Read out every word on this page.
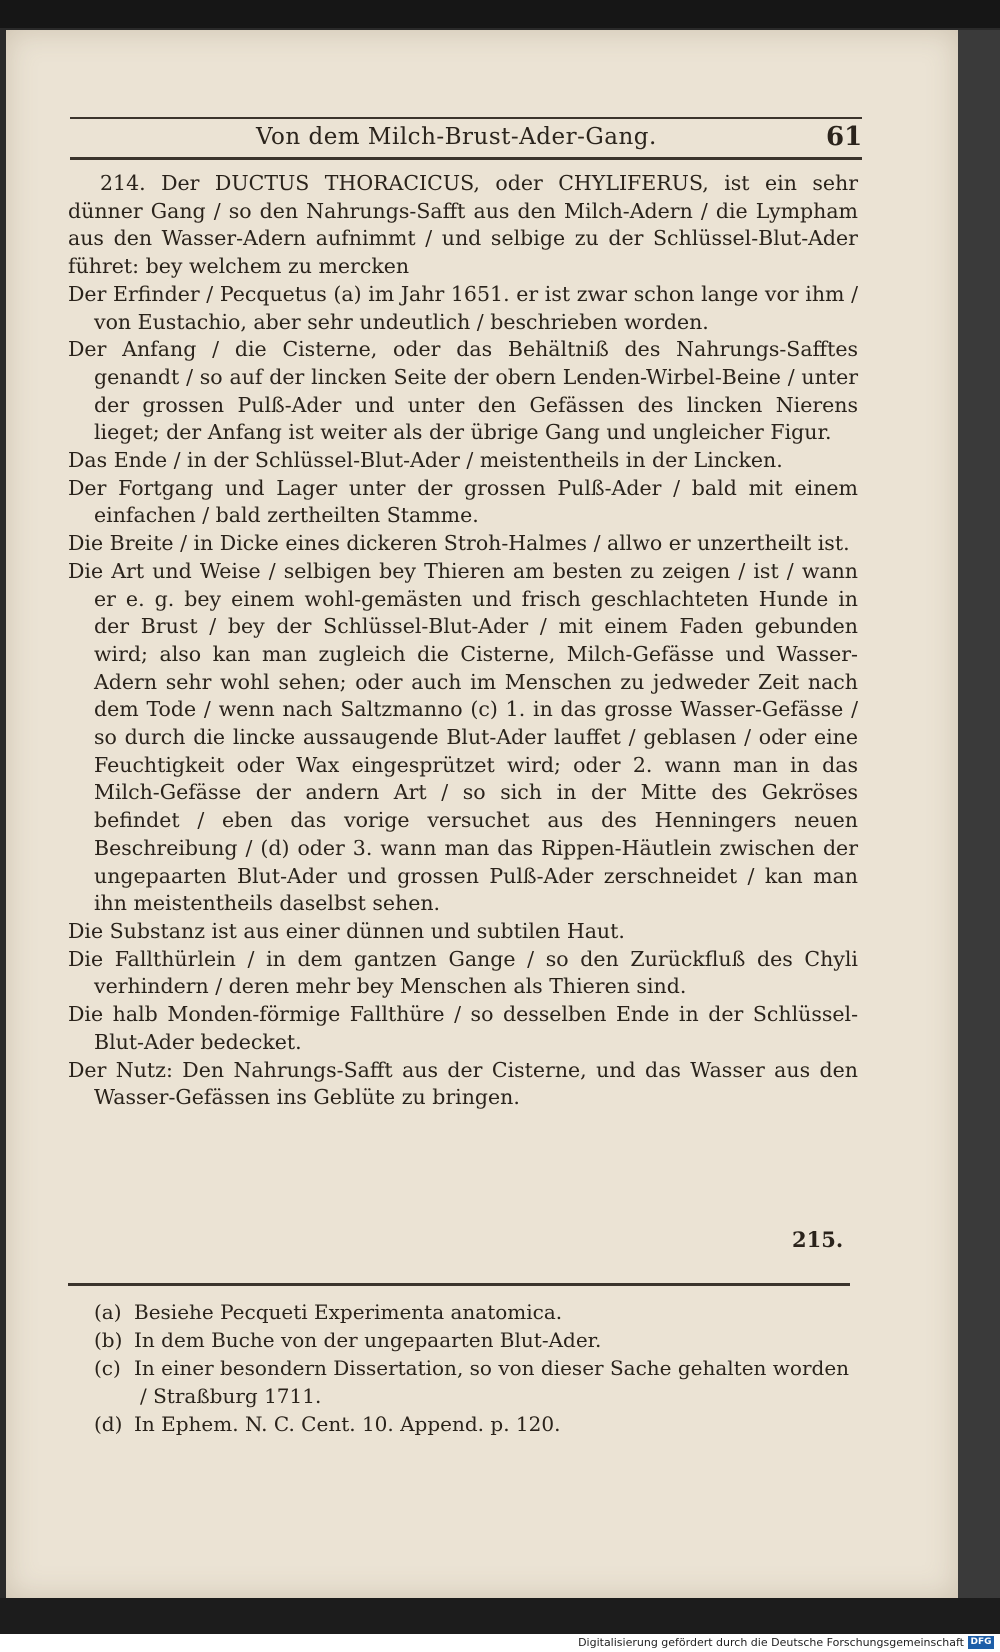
Von dem Milch-Brust-Ader-Gang.	61

214. Der DUCTUS THORACICUS, oder CHYLIFERUS, ist ein sehr dünner Gang / so den Nahrungs-Safft aus den Milch-Adern / die Lympham aus den Wasser-Adern aufnimmt / und selbige zu der Schlüssel-Blut-Ader führet: bey welchem zu mercken

Der Erfinder / Pecquetus (a) im Jahr 1651. er ist zwar schon lange vor ihm / von Eustachio, aber sehr undeutlich / beschrieben worden.

Der Anfang / die Cisterne, oder das Behältniß des Nahrungs-Safftes genandt / so auf der lincken Seite der obern Lenden-Wirbel-Beine / unter der grossen Pulß-Ader und unter den Gefässen des lincken Nierens lieget; der Anfang ist weiter als der übrige Gang und ungleicher Figur.

Das Ende / in der Schlüssel-Blut-Ader / meistentheils in der Lincken.

Der Fortgang und Lager unter der grossen Pulß-Ader / bald mit einem einfachen / bald zertheilten Stamme.

Die Breite / in Dicke eines dickeren Stroh-Halmes / allwo er unzertheilt ist.

Die Art und Weise / selbigen bey Thieren am besten zu zeigen / ist / wann er e. g. bey einem wohl-gemästen und frisch geschlachteten Hunde in der Brust / bey der Schlüssel-Blut-Ader / mit einem Faden gebunden wird; also kan man zugleich die Cisterne, Milch-Gefässe und Wasser-Adern sehr wohl sehen; oder auch im Menschen zu jedweder Zeit nach dem Tode / wenn nach Saltzmanno (c) 1. in das grosse Wasser-Gefässe / so durch die lincke aussaugende Blut-Ader lauffet / geblasen / oder eine Feuchtigkeit oder Wax eingesprützet wird; oder 2. wann man in das Milch-Gefässe der andern Art / so sich in der Mitte des Gekröses befindet / eben das vorige versuchet aus des Henningers neuen Beschreibung / (d) oder 3. wann man das Rippen-Häutlein zwischen der ungepaarten Blut-Ader und grossen Pulß-Ader zerschneidet / kan man ihn meistentheils daselbst sehen.

Die Substanz ist aus einer dünnen und subtilen Haut.

Die Fallthürlein / in dem gantzen Gange / so den Zurückfluß des Chyli verhindern / deren mehr bey Menschen als Thieren sind.

Die halb Monden-förmige Fallthüre / so desselben Ende in der Schlüssel-Blut-Ader bedecket.

Der Nutz: Den Nahrungs-Safft aus der Cisterne, und das Wasser aus den Wasser-Gefässen ins Geblüte zu bringen.

215.

(a) Besiehe Pecqueti Experimenta anatomica.

(b) In dem Buche von der ungepaarten Blut-Ader.

(c) In einer besondern Dissertation, so von dieser Sache gehalten worden / Straßburg 1711.

(d) In Ephem. N. C. Cent. 10. Append. p. 120.

Digitalisierung gefördert durch die Deutsche Forschungsgemeinschaft DFG
